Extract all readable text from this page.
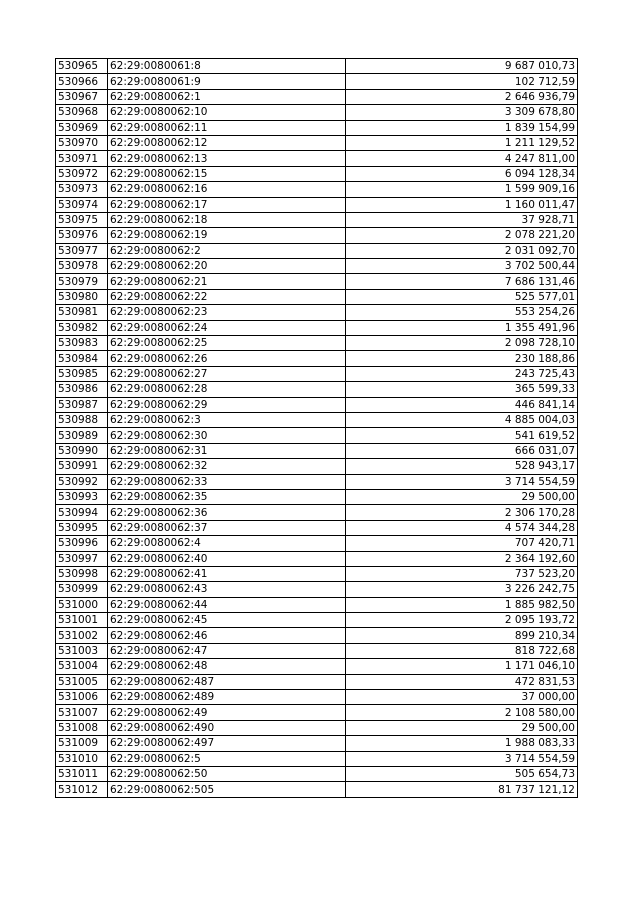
530965	62:29:0080061:8	9 687 010,73
530966	62:29:0080061:9	102 712,59
530967	62:29:0080062:1	2 646 936,79
530968	62:29:0080062:10	3 309 678,80
530969	62:29:0080062:11	1 839 154,99
530970	62:29:0080062:12	1 211 129,52
530971	62:29:0080062:13	4 247 811,00
530972	62:29:0080062:15	6 094 128,34
530973	62:29:0080062:16	1 599 909,16
530974	62:29:0080062:17	1 160 011,47
530975	62:29:0080062:18	37 928,71
530976	62:29:0080062:19	2 078 221,20
530977	62:29:0080062:2	2 031 092,70
530978	62:29:0080062:20	3 702 500,44
530979	62:29:0080062:21	7 686 131,46
530980	62:29:0080062:22	525 577,01
530981	62:29:0080062:23	553 254,26
530982	62:29:0080062:24	1 355 491,96
530983	62:29:0080062:25	2 098 728,10
530984	62:29:0080062:26	230 188,86
530985	62:29:0080062:27	243 725,43
530986	62:29:0080062:28	365 599,33
530987	62:29:0080062:29	446 841,14
530988	62:29:0080062:3	4 885 004,03
530989	62:29:0080062:30	541 619,52
530990	62:29:0080062:31	666 031,07
530991	62:29:0080062:32	528 943,17
530992	62:29:0080062:33	3 714 554,59
530993	62:29:0080062:35	29 500,00
530994	62:29:0080062:36	2 306 170,28
530995	62:29:0080062:37	4 574 344,28
530996	62:29:0080062:4	707 420,71
530997	62:29:0080062:40	2 364 192,60
530998	62:29:0080062:41	737 523,20
530999	62:29:0080062:43	3 226 242,75
531000	62:29:0080062:44	1 885 982,50
531001	62:29:0080062:45	2 095 193,72
531002	62:29:0080062:46	899 210,34
531003	62:29:0080062:47	818 722,68
531004	62:29:0080062:48	1 171 046,10
531005	62:29:0080062:487	472 831,53
531006	62:29:0080062:489	37 000,00
531007	62:29:0080062:49	2 108 580,00
531008	62:29:0080062:490	29 500,00
531009	62:29:0080062:497	1 988 083,33
531010	62:29:0080062:5	3 714 554,59
531011	62:29:0080062:50	505 654,73
531012	62:29:0080062:505	81 737 121,12
